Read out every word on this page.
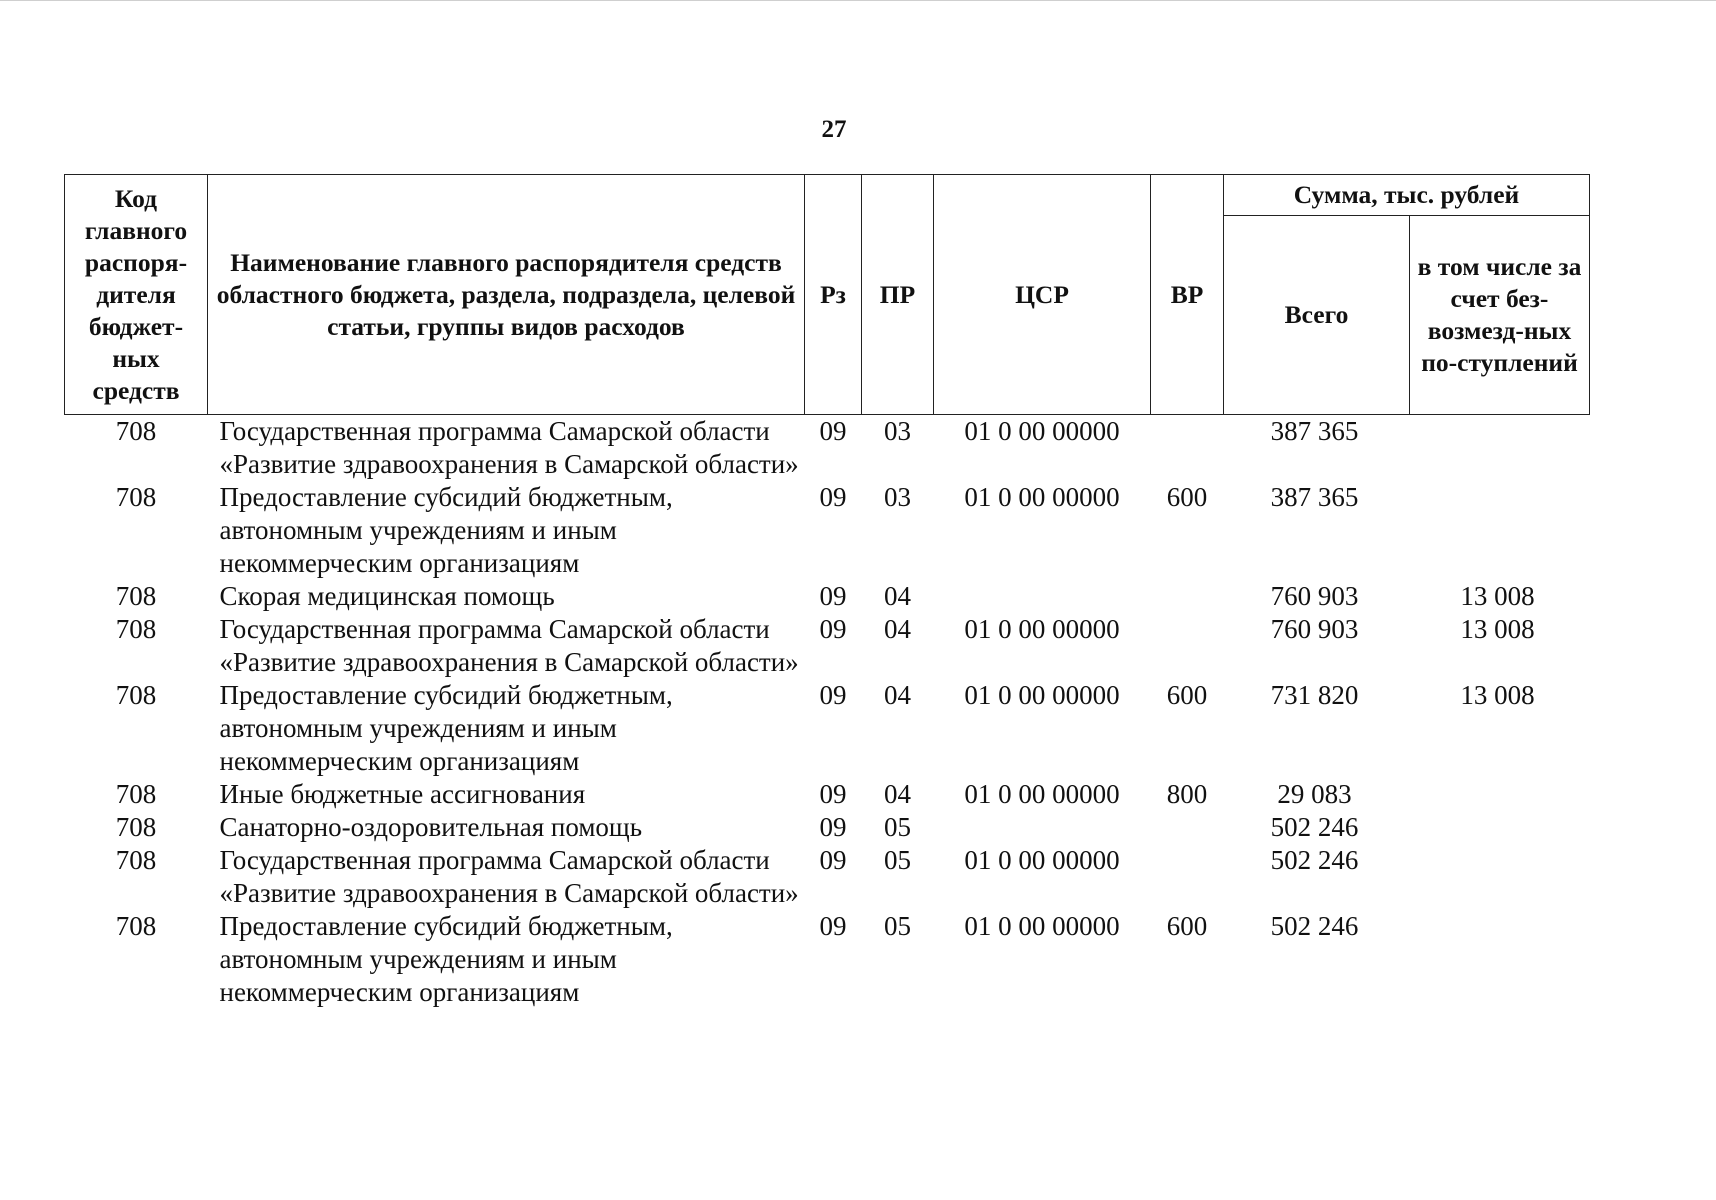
27
Код главного распоря-дителя бюджет-ных средств	Наименование главного распорядителя средств областного бюджета, раздела, подраздела, целевой статьи, группы видов расходов	Рз	ПР	ЦСР	ВР	Сумма, тыс. рублей	
						Всего	в том числе за счет без-возмезд-ных по-ступлений
708	Государственная программа Самарской области «Развитие здравоохранения в Самарской области»	09	03	01 0 00 00000		387 365	
708	Предоставление субсидий бюджетным, автономным учреждениям и иным некоммерческим организациям	09	03	01 0 00 00000	600	387 365	
708	Скорая медицинская помощь	09	04			760 903	13 008
708	Государственная программа Самарской области «Развитие здравоохранения в Самарской области»	09	04	01 0 00 00000		760 903	13 008
708	Предоставление субсидий бюджетным, автономным учреждениям и иным некоммерческим организациям	09	04	01 0 00 00000	600	731 820	13 008
708	Иные бюджетные ассигнования	09	04	01 0 00 00000	800	29 083	
708	Санаторно-оздоровительная помощь	09	05			502 246	
708	Государственная программа Самарской области «Развитие здравоохранения в Самарской области»	09	05	01 0 00 00000		502 246	
708	Предоставление субсидий бюджетным, автономным учреждениям и иным некоммерческим организациям	09	05	01 0 00 00000	600	502 246	
